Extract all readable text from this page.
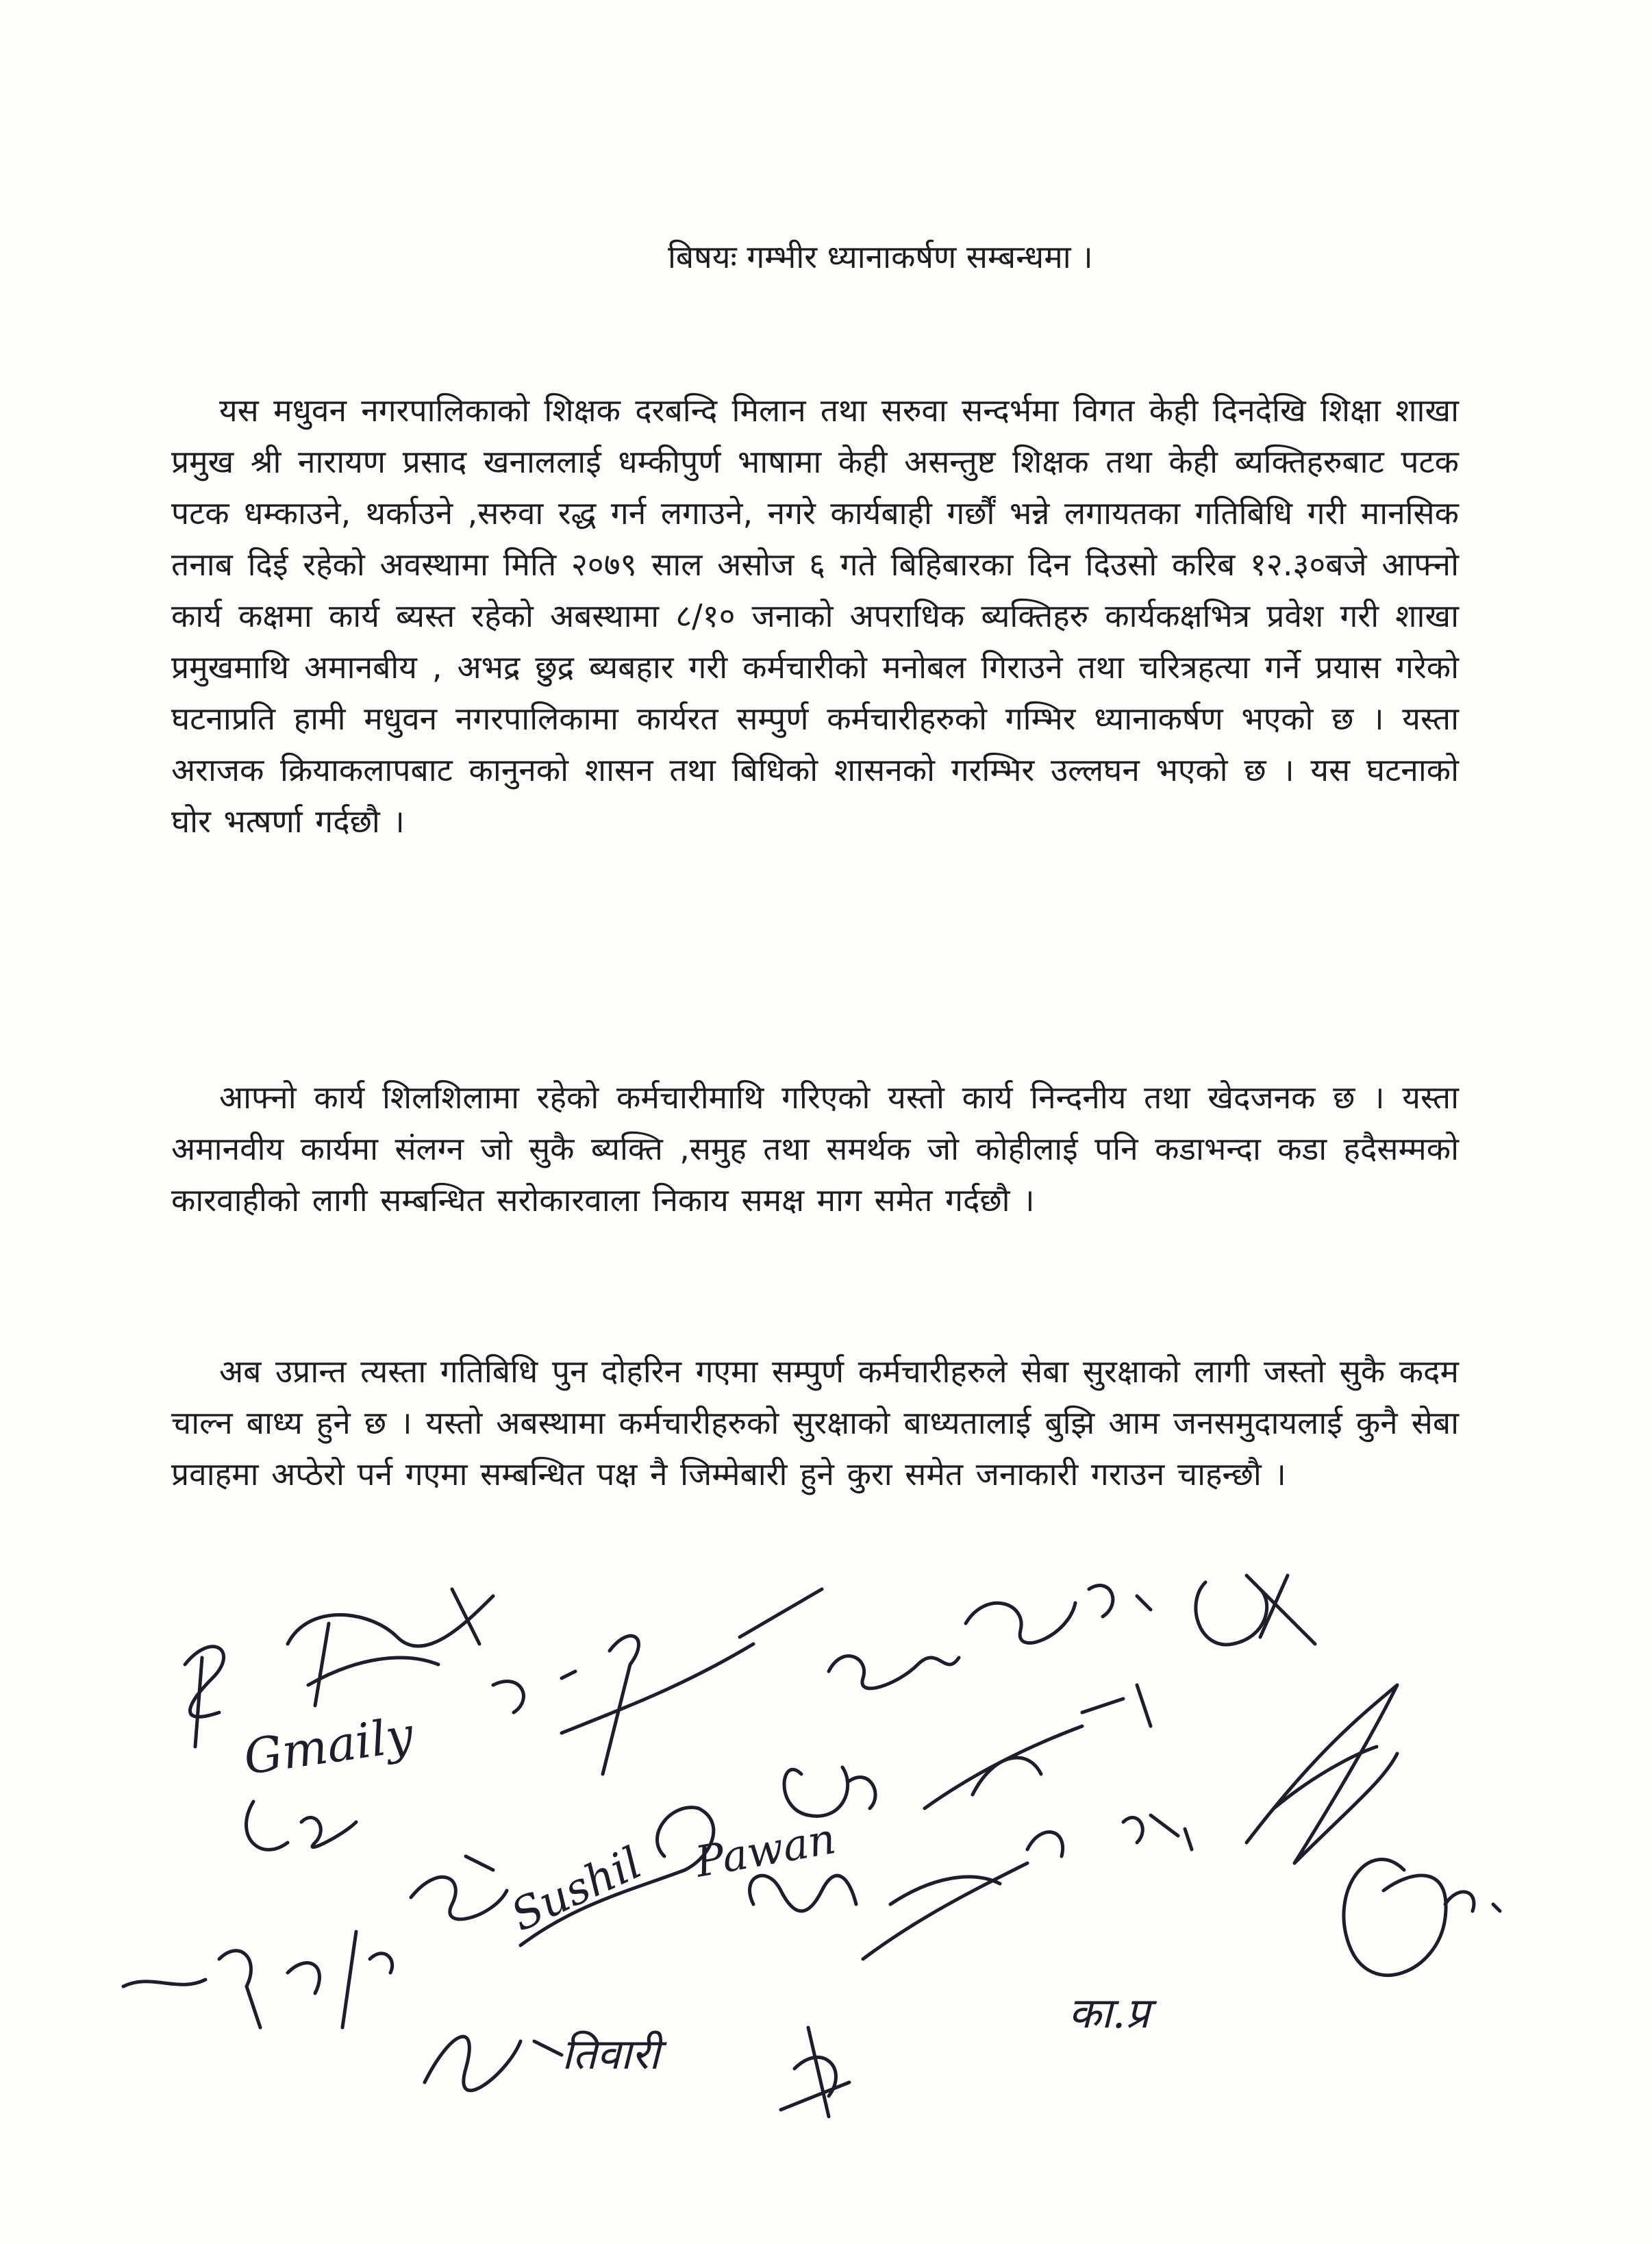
बिषयः गम्भीर ध्यानाकर्षण सम्बन्धमा ।
यस मधुवन नगरपालिकाको शिक्षक दरबन्दि मिलान तथा सरुवा सन्दर्भमा विगत केही दिनदेखि शिक्षा शाखा प्रमुख श्री नारायण प्रसाद खनाललाई धम्कीपुर्ण भाषामा केही असन्तुष्ट शिक्षक तथा केही ब्यक्तिहरुबाट पटक पटक धम्काउने, थर्काउने ,सरुवा रद्ध गर्न लगाउने, नगरे कार्यबाही गर्छौं भन्ने लगायतका गतिबिधि गरी मानसिक तनाब दिई रहेको अवस्थामा मिति २०७९ साल असोज ६ गते बिहिबारका दिन दिउसो करिब १२.३०बजे आफ्नो कार्य कक्षमा कार्य ब्यस्त रहेको अबस्थामा ८/१० जनाको अपराधिक ब्यक्तिहरु कार्यकक्षभित्र प्रवेश गरी शाखा प्रमुखमाथि अमानबीय , अभद्र छुद्र ब्यबहार गरी कर्मचारीको मनोबल गिराउने तथा चरित्रहत्या गर्ने प्रयास गरेको घटनाप्रति हामी मधुवन नगरपालिकामा कार्यरत सम्पुर्ण कर्मचारीहरुको गम्भिर ध्यानाकर्षण भएको छ । यस्ता अराजक क्रियाकलापबाट कानुनको शासन तथा बिधिको शासनको गरम्भिर उल्लघन भएको छ । यस घटनाको घोर भत्षर्णा गर्दछौ ।
आफ्नो कार्य शिलशिलामा रहेको कर्मचारीमाथि गरिएको यस्तो कार्य निन्दनीय तथा खेदजनक छ । यस्ता अमानवीय कार्यमा संलग्न जो सुकै ब्यक्ति ,समुह तथा समर्थक जो कोहीलाई पनि कडाभन्दा कडा हदैसम्मको कारवाहीको लागी सम्बन्धित सरोकारवाला निकाय समक्ष माग समेत गर्दछौ ।
अब उप्रान्त त्यस्ता गतिबिधि पुन दोहरिन गएमा सम्पुर्ण कर्मचारीहरुले सेबा सुरक्षाको लागी जस्तो सुकै कदम चाल्न बाध्य हुने छ । यस्तो अबस्थामा कर्मचारीहरुको सुरक्षाको बाध्यतालाई बुझि आम जनसमुदायलाई कुनै सेबा प्रवाहमा अप्ठेरो पर्न गएमा सम्बन्धित पक्ष नै जिम्मेबारी हुने कुरा समेत जनाकारी गराउन चाहन्छौ ।
Gmaily
Sushil Pawan
तिवारी
का.प्र
